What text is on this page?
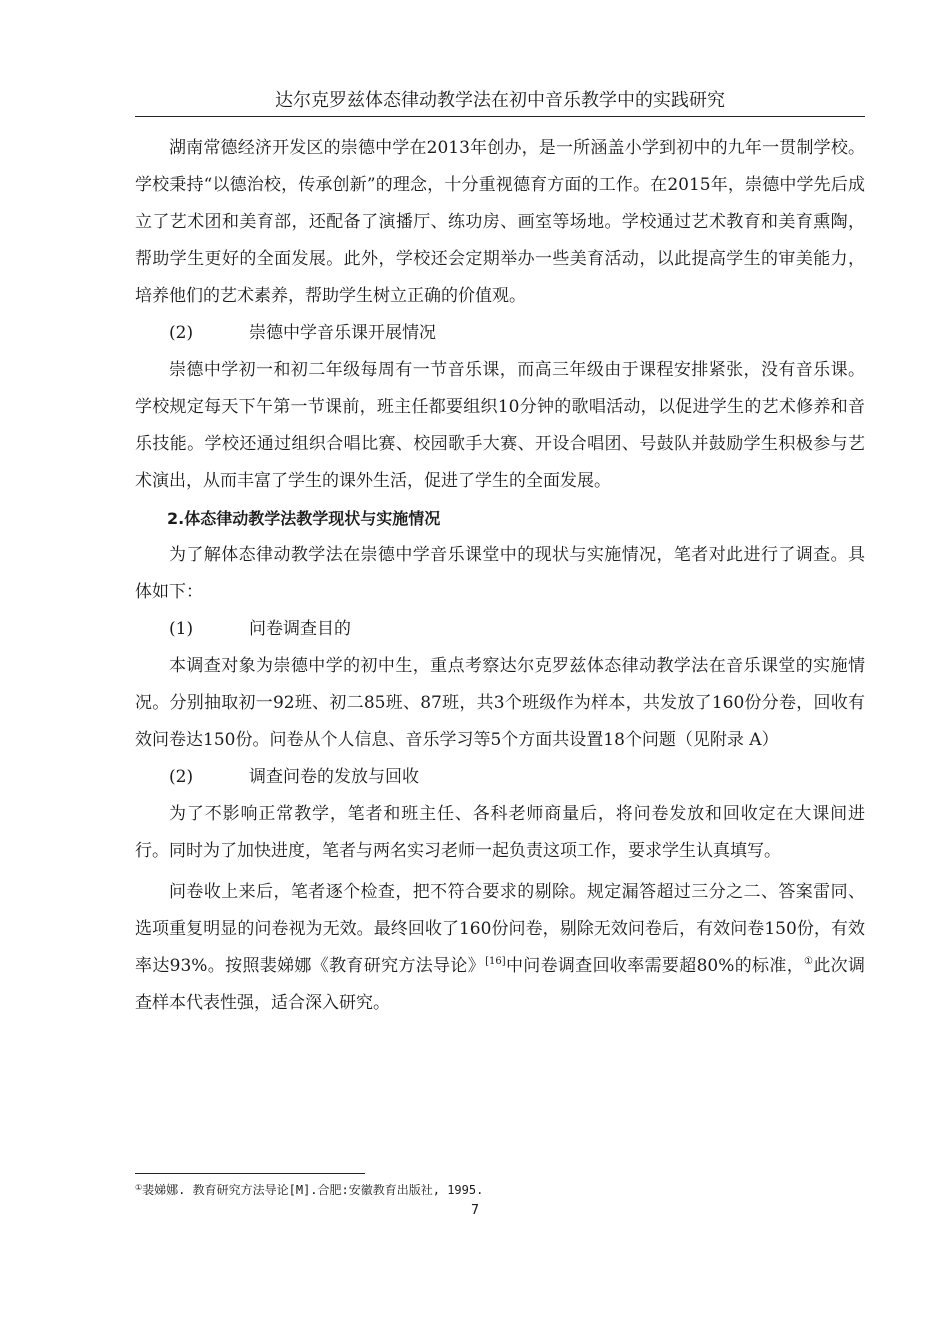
达尔克罗兹体态律动教学法在初中音乐教学中的实践研究

湖南常德经济开发区的崇德中学在2013年创办，是一所涵盖小学到初中的九年一贯制学校。学校秉持“以德治校，传承创新”的理念，十分重视德育方面的工作。在2015年，崇德中学先后成立了艺术团和美育部，还配备了演播厅、练功房、画室等场地。学校通过艺术教育和美育熏陶，帮助学生更好的全面发展。此外，学校还会定期举办一些美育活动，以此提高学生的审美能力，培养他们的艺术素养，帮助学生树立正确的价值观。

(2)	崇德中学音乐课开展情况

崇德中学初一和初二年级每周有一节音乐课，而高三年级由于课程安排紧张，没有音乐课。学校规定每天下午第一节课前，班主任都要组织10分钟的歌唱活动，以促进学生的艺术修养和音乐技能。学校还通过组织合唱比赛、校园歌手大赛、开设合唱团、号鼓队并鼓励学生积极参与艺术演出，从而丰富了学生的课外生活，促进了学生的全面发展。

2.体态律动教学法教学现状与实施情况

为了解体态律动教学法在崇德中学音乐课堂中的现状与实施情况，笔者对此进行了调查。具体如下：

(1)	问卷调查目的

本调查对象为崇德中学的初中生，重点考察达尔克罗兹体态律动教学法在音乐课堂的实施情况。分别抽取初一92班、初二85班、87班，共3个班级作为样本，共发放了160份分卷，回收有效问卷达150份。问卷从个人信息、音乐学习等5个方面共设置18个问题（见附录 A）

(2)	调查问卷的发放与回收

为了不影响正常教学，笔者和班主任、各科老师商量后，将问卷发放和回收定在大课间进行。同时为了加快进度，笔者与两名实习老师一起负责这项工作，要求学生认真填写。

问卷收上来后，笔者逐个检查，把不符合要求的剔除。规定漏答超过三分之二、答案雷同、选项重复明显的问卷视为无效。最终回收了160份问卷，剔除无效问卷后，有效问卷150份，有效率达93%。按照裴娣娜《教育研究方法导论》[16]中问卷调查回收率需要超80%的标准，①此次调查样本代表性强，适合深入研究。

①裴娣娜. 教育研究方法导论[M].合肥:安徽教育出版社, 1995.
7
